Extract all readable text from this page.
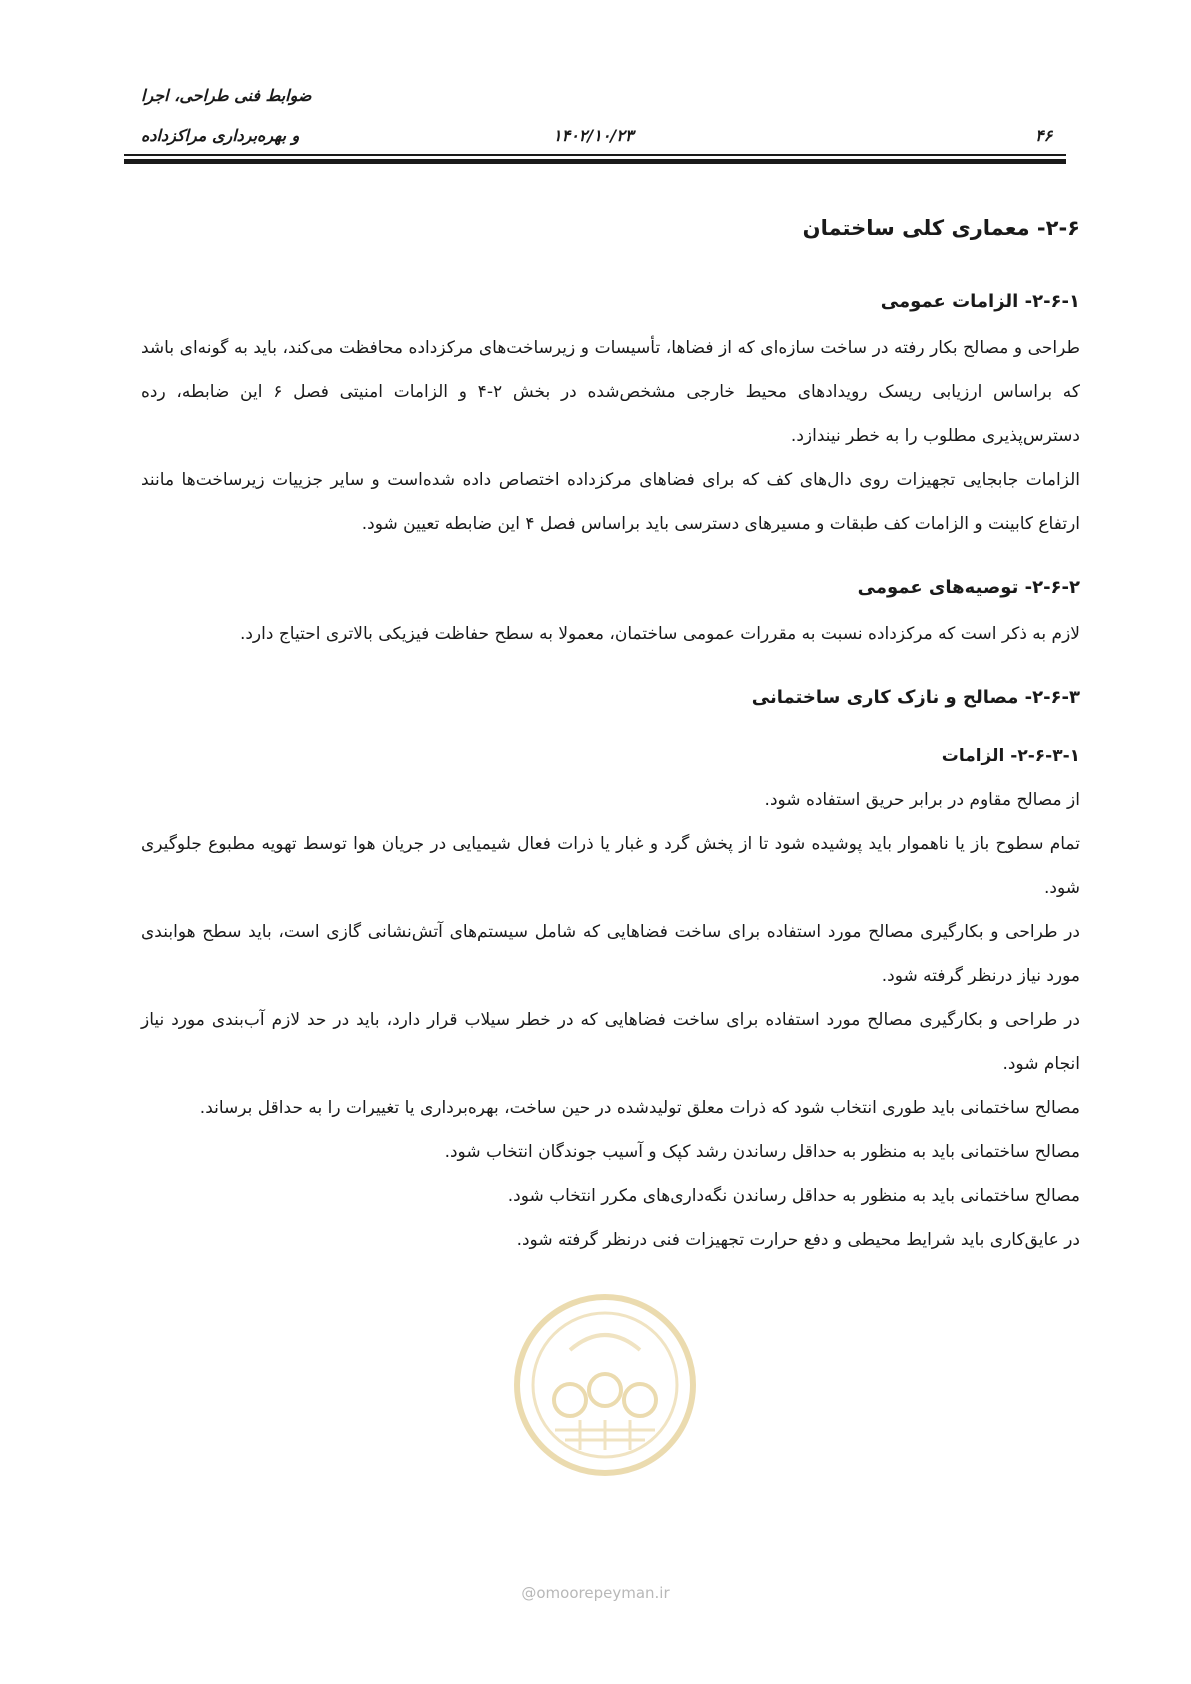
ضوابط فنی طراحی، اجرا
و بهره‌برداری مراکزداده	۱۴۰۲/۱۰/۲۳	۴۶
۲-۶- معماری کلی ساختمان
۲-۶-۱- الزامات عمومی

طراحی و مصالح بکار رفته در ساخت سازه‌ای که از فضاها، تأسیسات و زیرساخت‌های مرکزداده محافظت می‌کند، باید به گونه‌ای باشد که براساس ارزیابی ریسک رویدادهای محیط خارجی مشخص‌شده در بخش ۲-۴ و الزامات امنیتی فصل ۶ این ضابطه، رده دسترس‌پذیری مطلوب را به خطر نیندازد.

الزامات جابجایی تجهیزات روی دال‌های کف که برای فضاهای مرکزداده اختصاص داده شده‌است و سایر جزییات زیرساخت‌ها مانند ارتفاع کابینت و الزامات کف طبقات و مسیرهای دسترسی باید براساس فصل ۴ این ضابطه تعیین شود.

۲-۶-۲- توصیه‌های عمومی

لازم به ذکر است که مرکزداده نسبت به مقررات عمومی ساختمان، معمولا به سطح حفاظت فیزیکی بالاتری احتیاج دارد.

۲-۶-۳- مصالح و نازک کاری ساختمانی
۲-۶-۳-۱- الزامات

از مصالح مقاوم در برابر حریق استفاده شود.

تمام سطوح باز یا ناهموار باید پوشیده شود تا از پخش گرد و غبار یا ذرات فعال شیمیایی در جریان هوا توسط تهویه مطبوع جلوگیری شود.

در طراحی و بکارگیری مصالح مورد استفاده برای ساخت فضاهایی که شامل سیستم‌های آتش‌نشانی گازی است، باید سطح هوابندی مورد نیاز درنظر گرفته شود.

در طراحی و بکارگیری مصالح مورد استفاده برای ساخت فضاهایی که در خطر سیلاب قرار دارد، باید در حد لازم آب‌بندی مورد نیاز انجام شود.

مصالح ساختمانی باید طوری انتخاب شود که ذرات معلق تولیدشده در حین ساخت، بهره‌برداری یا تغییرات را به حداقل برساند.

مصالح ساختمانی باید به منظور به حداقل رساندن رشد کپک و آسیب جوندگان انتخاب شود.

مصالح ساختمانی باید به منظور به حداقل رساندن نگه‌داری‌های مکرر انتخاب شود.

در عایق‌کاری باید شرایط محیطی و دفع حرارت تجهیزات فنی درنظر گرفته شود.

@omoorepeyman.ir
